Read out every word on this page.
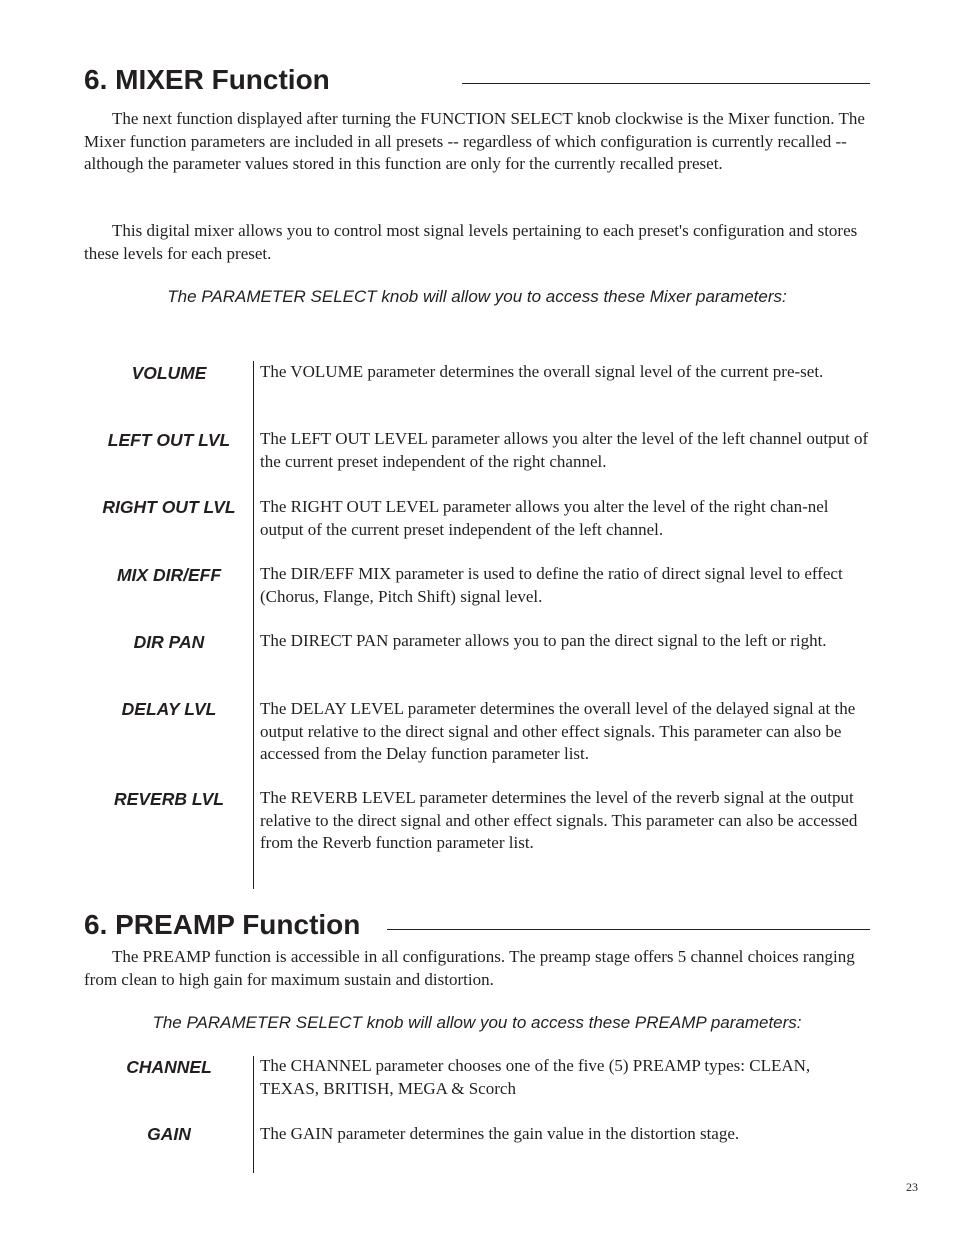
6. MIXER Function

The next function displayed after turning the FUNCTION SELECT knob clockwise is the Mixer function. The Mixer function parameters are included in all presets -- regardless of which configuration is currently recalled -- although the parameter values stored in this function are only for the currently recalled preset.

This digital mixer allows you to control most signal levels pertaining to each preset's configuration and stores these levels for each preset.

The PARAMETER SELECT knob will allow you to access these Mixer parameters:

VOLUME	The VOLUME parameter determines the overall signal level of the current pre-set.
LEFT OUT LVL	The LEFT OUT LEVEL parameter allows you alter the level of the left channel output of the current preset independent of the right channel.
RIGHT OUT LVL	The RIGHT OUT LEVEL parameter allows you alter the level of the right chan-nel output of the current preset independent of the left channel.
MIX DIR/EFF	The DIR/EFF MIX parameter is used to define the ratio of direct signal level to effect (Chorus, Flange, Pitch Shift) signal level.
DIR PAN	The DIRECT PAN parameter allows you to pan the direct signal to the left or right.
DELAY LVL	The DELAY LEVEL parameter determines the overall level of the delayed signal at the output relative to the direct signal and other effect signals. This parameter can also be accessed from the Delay function parameter list.
REVERB LVL	The REVERB LEVEL parameter determines the level of the reverb signal at the output relative to the direct signal and other effect signals. This parameter can also be accessed from the Reverb function parameter list.
6. PREAMP Function

The PREAMP function is accessible in all configurations. The preamp stage offers 5 channel choices ranging from clean to high gain for maximum sustain and distortion.

The PARAMETER SELECT knob will allow you to access these PREAMP parameters:

CHANNEL	The CHANNEL parameter chooses one of the five (5) PREAMP types: CLEAN, TEXAS, BRITISH, MEGA & Scorch
GAIN	The GAIN parameter determines the gain value in the distortion stage.
23
